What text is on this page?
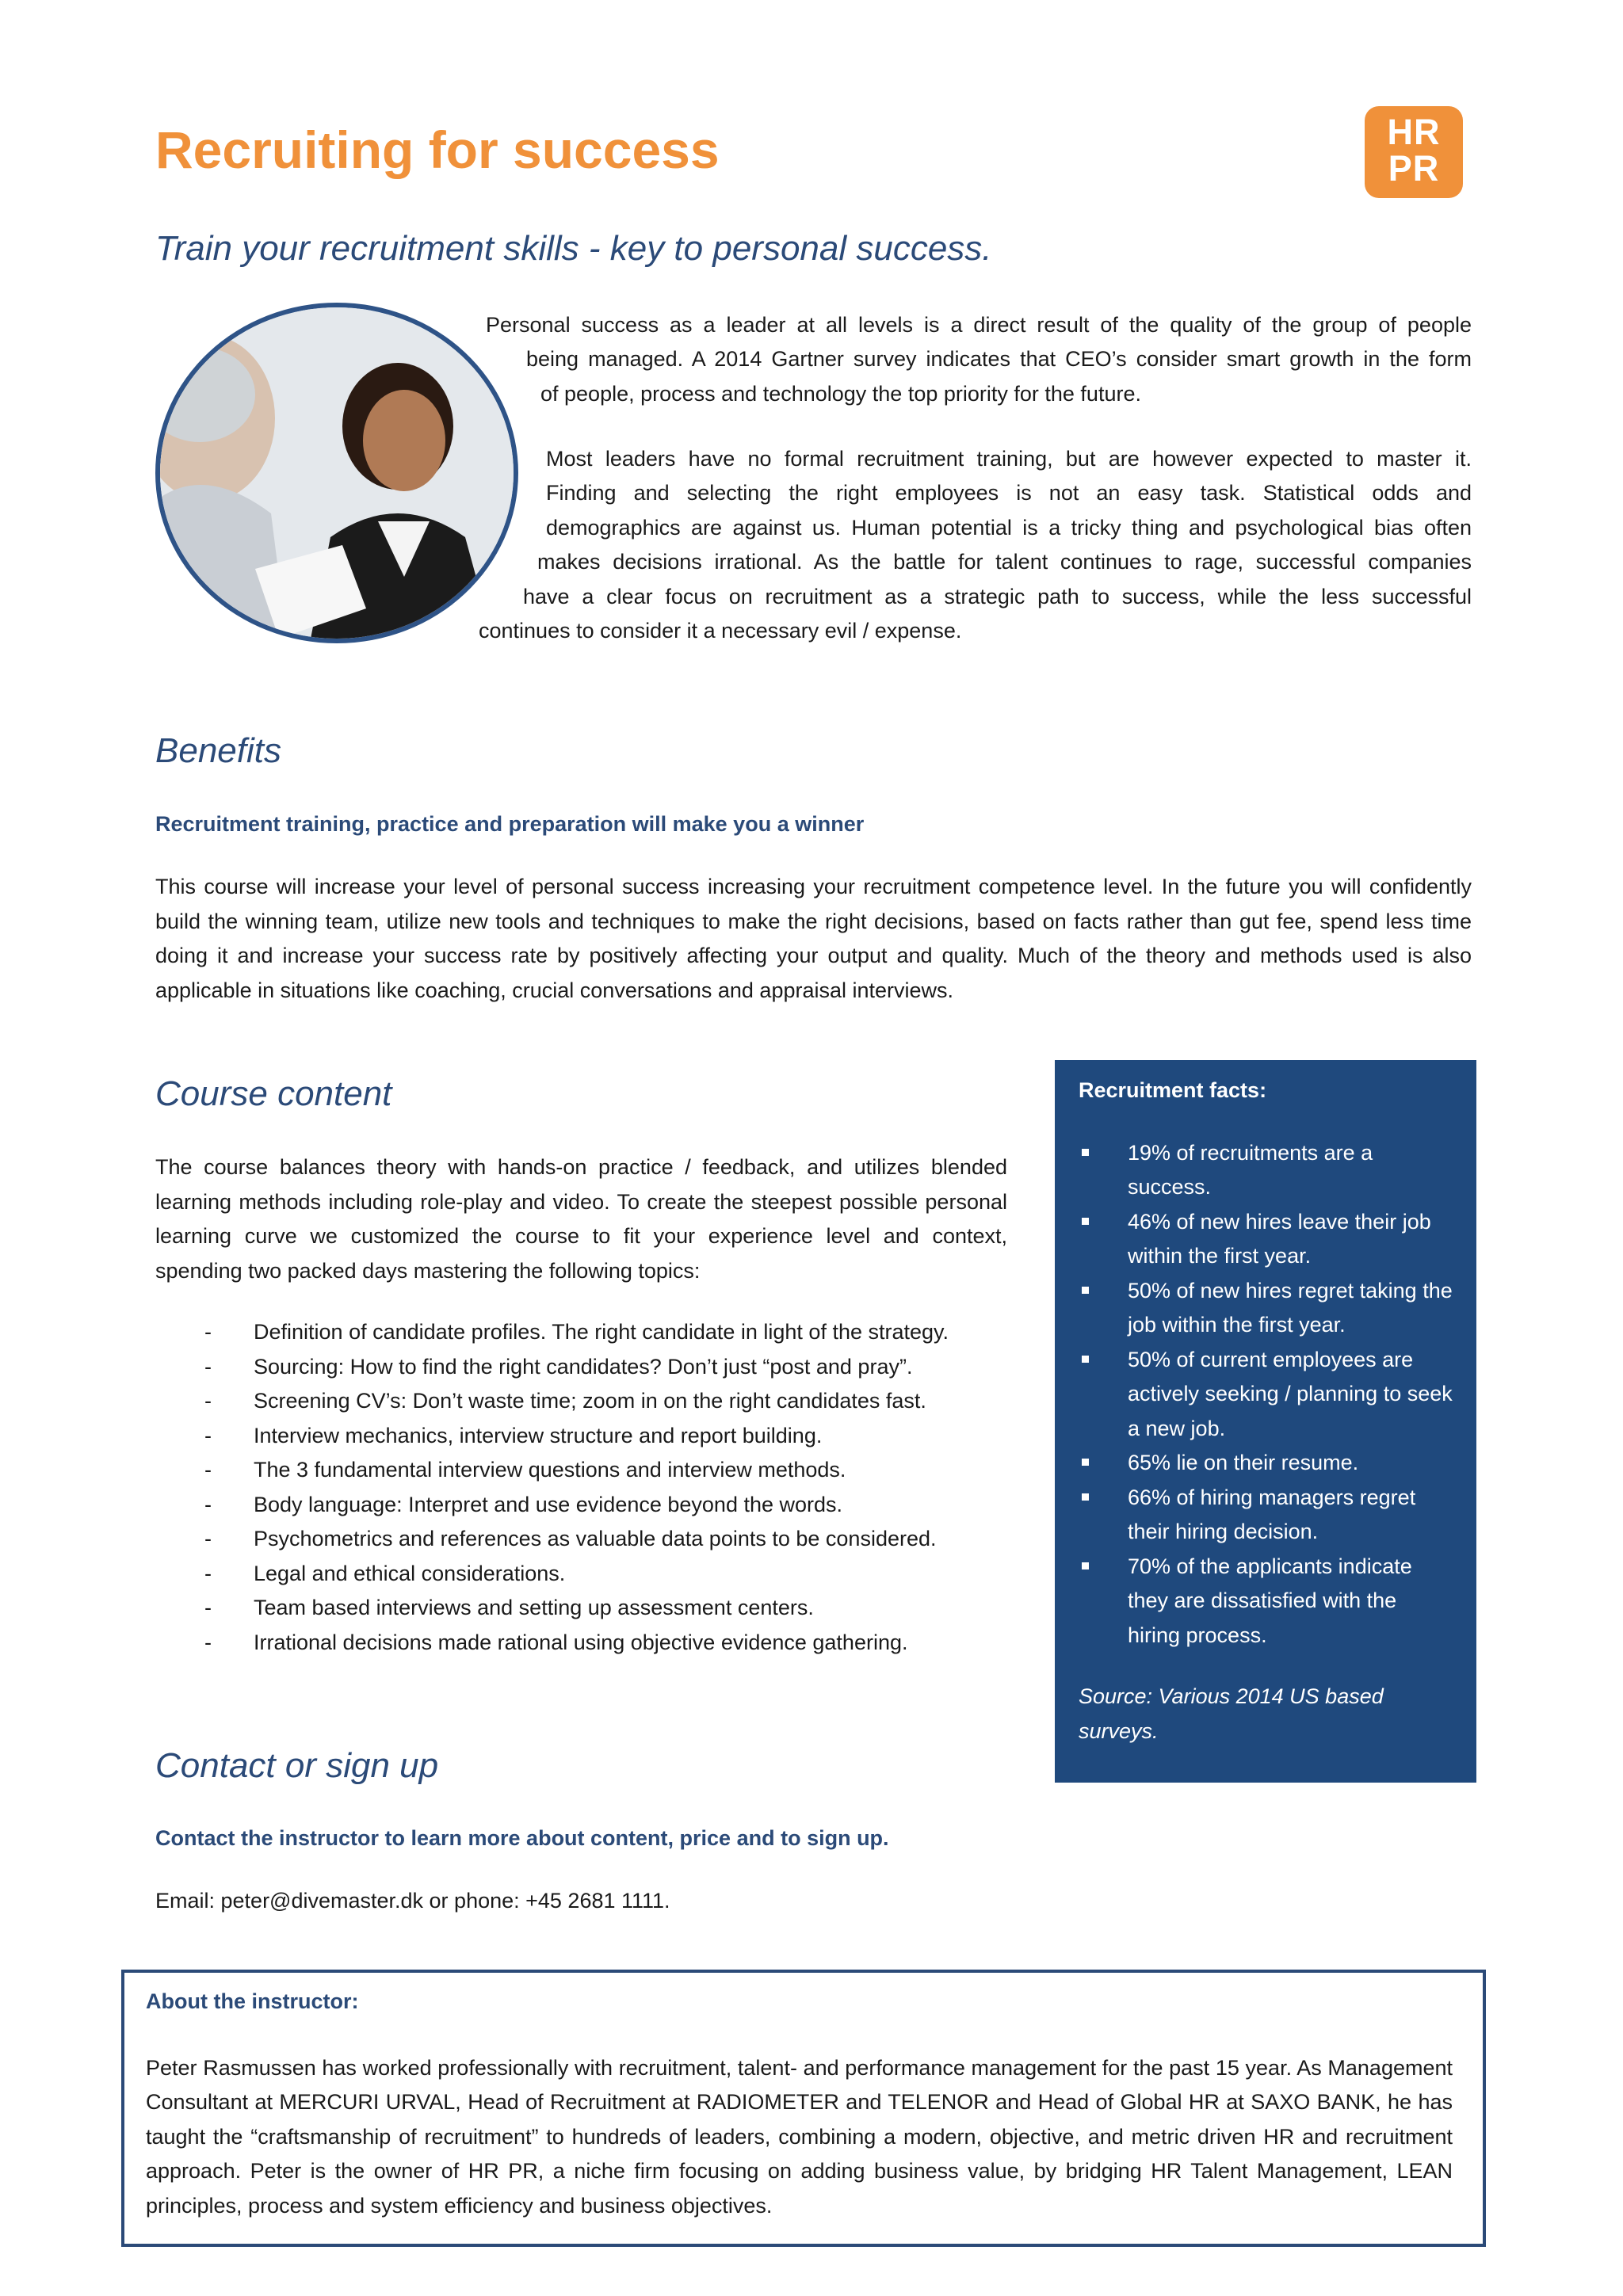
Recruiting for success	HR
PR
Train your recruitment skills - key to personal success.
Personal success as a leader at all levels is a direct result of the quality of the group of people
being managed. A 2014 Gartner survey indicates that CEO’s consider smart growth in the form
of people, process and technology the top priority for the future.
Most leaders have no formal recruitment training, but are however expected to master it.
Finding and selecting the right employees is not an easy task. Statistical odds and
demographics are against us. Human potential is a tricky thing and psychological bias often
makes decisions irrational. As the battle for talent continues to rage, successful companies
have a clear focus on recruitment as a strategic path to success, while the less successful
continues to consider it a necessary evil / expense.
Benefits

Recruitment training, practice and preparation will make you a winner

This course will increase your level of personal success increasing your recruitment competence level. In the future you will confidently build the winning team, utilize new tools and techniques to make the right decisions, based on facts rather than gut fee, spend less time doing it and increase your success rate by positively affecting your output and quality. Much of the theory and methods used is also applicable in situations like coaching, crucial conversations and appraisal interviews.

Course content

The course balances theory with hands-on practice / feedback, and utilizes blended learning methods including role-play and video. To create the steepest possible personal learning curve we customized the course to fit your experience level and context, spending two packed days mastering the following topics:

- Definition of candidate profiles. The right candidate in light of the strategy.
- Sourcing: How to find the right candidates? Don’t just “post and pray”.
- Screening CV’s: Don’t waste time; zoom in on the right candidates fast.
- Interview mechanics, interview structure and report building.
- The 3 fundamental interview questions and interview methods.
- Body language: Interpret and use evidence beyond the words.
- Psychometrics and references as valuable data points to be considered.
- Legal and ethical considerations.
- Team based interviews and setting up assessment centers.
- Irrational decisions made rational using objective evidence gathering.

Recruitment facts:

19% of recruitments are a success.
46% of new hires leave their job within the first year.
50% of new hires regret taking the job within the first year.
50% of current employees are actively seeking / planning to seek a new job.
65% lie on their resume.
66% of hiring managers regret their hiring decision.
70% of the applicants indicate they are dissatisfied with the hiring process.

Source: Various 2014 US based surveys.

Contact or sign up

Contact the instructor to learn more about content, price and to sign up.

Email: peter@divemaster.dk or phone: +45 2681 1111.

About the instructor:

Peter Rasmussen has worked professionally with recruitment, talent- and performance management for the past 15 year. As Management Consultant at MERCURI URVAL, Head of Recruitment at RADIOMETER and TELENOR and Head of Global HR at SAXO BANK, he has taught the “craftsmanship of recruitment” to hundreds of leaders, combining a modern, objective, and metric driven HR and recruitment approach. Peter is the owner of HR PR, a niche firm focusing on adding business value, by bridging HR Talent Management, LEAN principles, process and system efficiency and business objectives.
